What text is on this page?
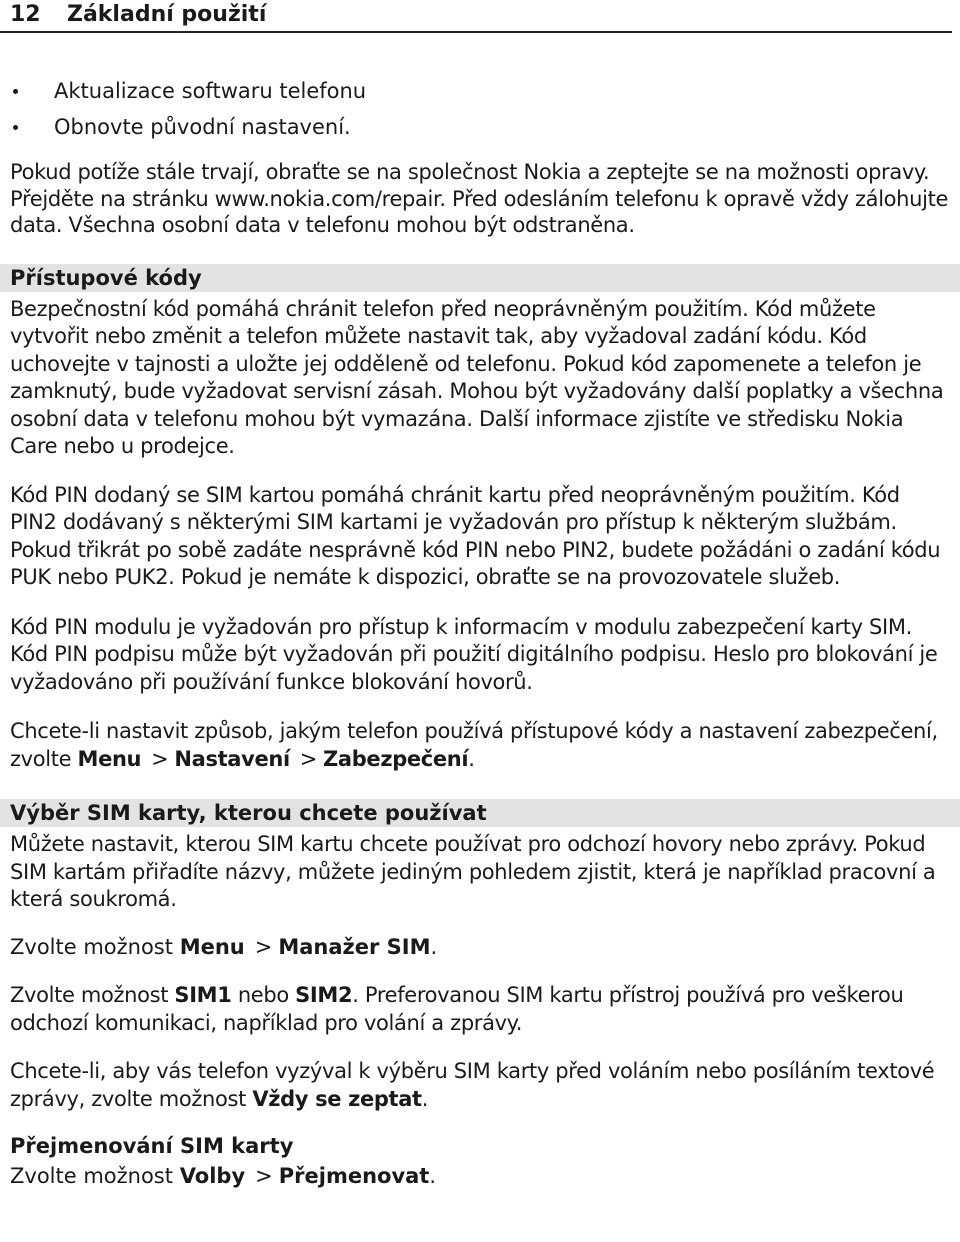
12	Základní použití
Aktualizace softwaru telefonu
Obnovte původní nastavení.

Pokud potíže stále trvají, obraťte se na společnost Nokia a zeptejte se na možnosti opravy. Přejděte na stránku www.nokia.com/repair. Před odesláním telefonu k opravě vždy zálohujte data. Všechna osobní data v telefonu mohou být odstraněna.

Přístupové kódy

Bezpečnostní kód pomáhá chránit telefon před neoprávněným použitím. Kód můžete vytvořit nebo změnit a telefon můžete nastavit tak, aby vyžadoval zadání kódu. Kód uchovejte v tajnosti a uložte jej odděleně od telefonu. Pokud kód zapomenete a telefon je zamknutý, bude vyžadovat servisní zásah. Mohou být vyžadovány další poplatky a všechna osobní data v telefonu mohou být vymazána. Další informace zjistíte ve středisku Nokia Care nebo u prodejce.

Kód PIN dodaný se SIM kartou pomáhá chránit kartu před neoprávněným použitím. Kód PIN2 dodávaný s některými SIM kartami je vyžadován pro přístup k některým službám. Pokud třikrát po sobě zadáte nesprávně kód PIN nebo PIN2, budete požádáni o zadání kódu PUK nebo PUK2. Pokud je nemáte k dispozici, obraťte se na provozovatele služeb.

Kód PIN modulu je vyžadován pro přístup k informacím v modulu zabezpečení karty SIM. Kód PIN podpisu může být vyžadován při použití digitálního podpisu. Heslo pro blokování je vyžadováno při používání funkce blokování hovorů.

Chcete-li nastavit způsob, jakým telefon používá přístupové kódy a nastavení zabezpečení, zvolte Menu > Nastavení > Zabezpečení.

Výběr SIM karty, kterou chcete používat

Můžete nastavit, kterou SIM kartu chcete používat pro odchozí hovory nebo zprávy. Pokud SIM kartám přiřadíte názvy, můžete jediným pohledem zjistit, která je například pracovní a která soukromá.

Zvolte možnost Menu > Manažer SIM.

Zvolte možnost SIM1 nebo SIM2. Preferovanou SIM kartu přístroj používá pro veškerou odchozí komunikaci, například pro volání a zprávy.

Chcete-li, aby vás telefon vyzýval k výběru SIM karty před voláním nebo posíláním textové zprávy, zvolte možnost Vždy se zeptat.

Přejmenování SIM karty

Zvolte možnost Volby > Přejmenovat.
